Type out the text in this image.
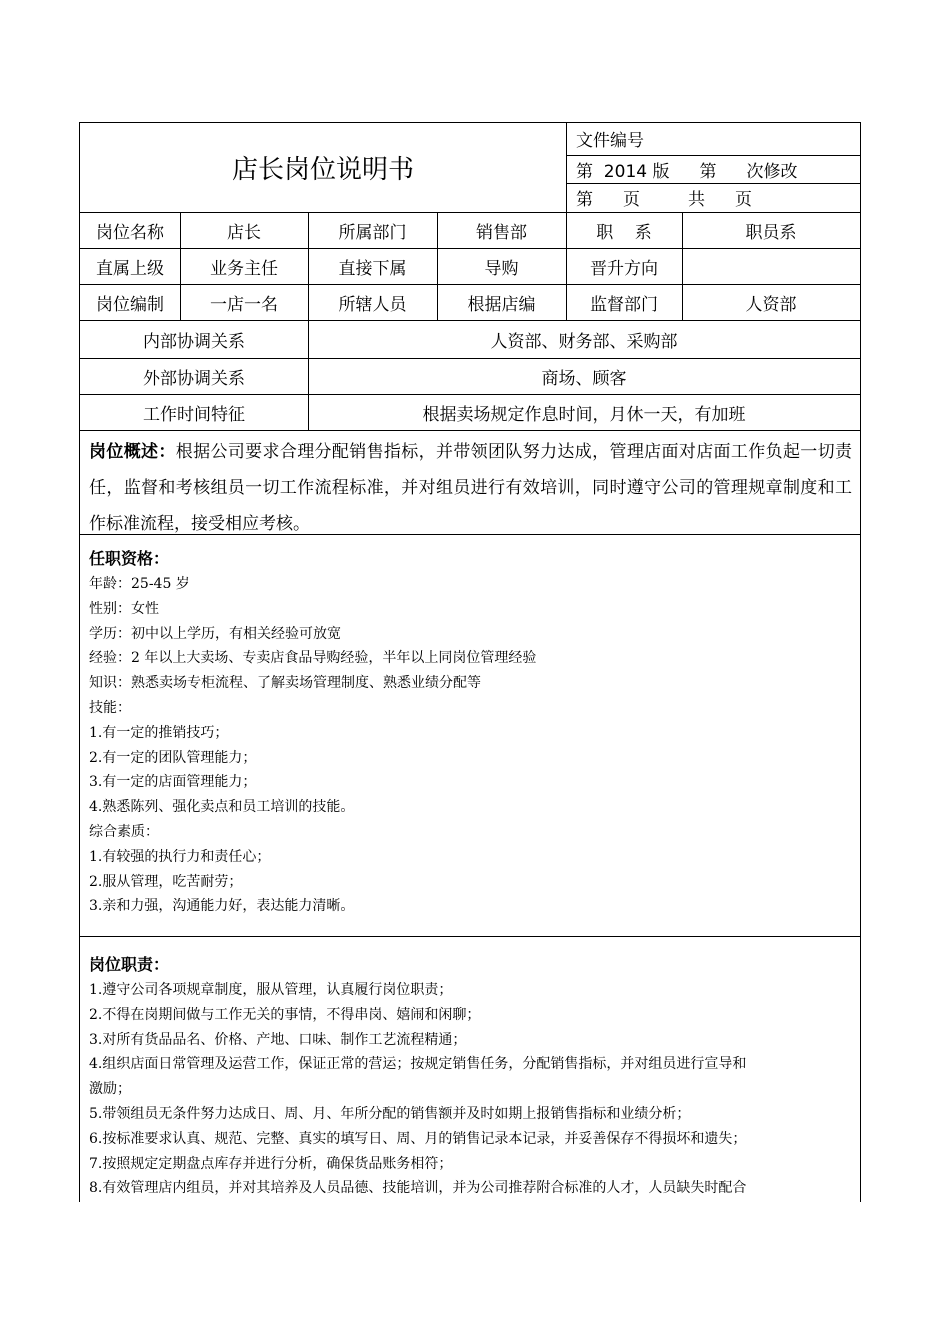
店长岗位说明书
文件编号
第  2014 版 第 次修改
第 页	共 页
岗位名称	店长	所属部门	销售部	职    系	职员系
直属上级	业务主任	直接下属	导购	晋升方向
岗位编制	一店一名	所辖人员	根据店编	监督部门	人资部
内部协调关系	人资部、财务部、采购部
外部协调关系	商场、顾客
工作时间特征	根据卖场规定作息时间，月休一天，有加班
岗位概述：根据公司要求合理分配销售指标，并带领团队努力达成，管理店面对店面工作负起一切责任，监督和考核组员一切工作流程标准，并对组员进行有效培训，同时遵守公司的管理规章制度和工作标准流程，接受相应考核。
任职资格：
年龄：25-45 岁
性别：女性
学历：初中以上学历，有相关经验可放宽
经验：2 年以上大卖场、专卖店食品导购经验，半年以上同岗位管理经验
知识：熟悉卖场专柜流程、了解卖场管理制度、熟悉业绩分配等
技能：
1.有一定的推销技巧；
2.有一定的团队管理能力；
3.有一定的店面管理能力；
4.熟悉陈列、强化卖点和员工培训的技能。
综合素质：
1.有较强的执行力和责任心；
2.服从管理，吃苦耐劳；
3.亲和力强，沟通能力好，表达能力清晰。
岗位职责：
1.遵守公司各项规章制度，服从管理，认真履行岗位职责；
2.不得在岗期间做与工作无关的事情，不得串岗、嬉闹和闲聊；
3.对所有货品品名、价格、产地、口味、制作工艺流程精通；
4.组织店面日常管理及运营工作，保证正常的营运；按规定销售任务，分配销售指标，并对组员进行宣导和
激励；
5.带领组员无条件努力达成日、周、月、年所分配的销售额并及时如期上报销售指标和业绩分析；
6.按标准要求认真、规范、完整、真实的填写日、周、月的销售记录本记录，并妥善保存不得损坏和遗失；
7.按照规定定期盘点库存并进行分析，确保货品账务相符；
8.有效管理店内组员，并对其培养及人员品德、技能培训，并为公司推荐附合标准的人才，人员缺失时配合
